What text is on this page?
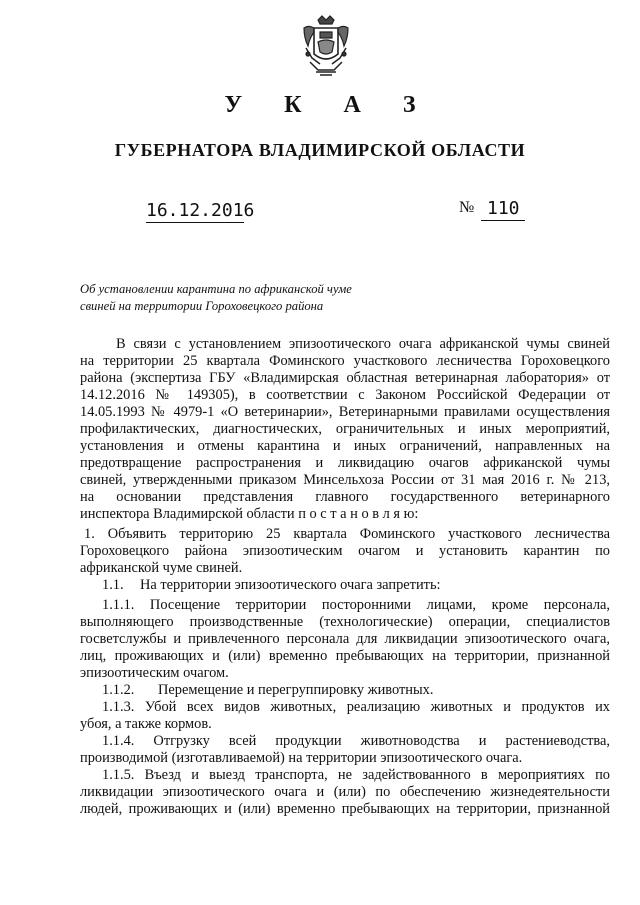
У К А З
ГУБЕРНАТОРА ВЛАДИМИРСКОЙ ОБЛАСТИ
16.12.2016	№ 110
Об установлении карантина по африканской чуме
свиней на территории Гороховецкого района
В связи с установлением эпизоотического очага африканской чумы свиней
на территории 25 квартала Фоминского участкового лесничества Гороховецкого
района (экспертиза ГБУ «Владимирская областная ветеринарная лаборатория» от
14.12.2016 № 149305), в соответствии с Законом Российской Федерации от
14.05.1993 № 4979-1 «О ветеринарии», Ветеринарными правилами осуществления
профилактических, диагностических, ограничительных и иных мероприятий,
установления и отмены карантина и иных ограничений, направленных на
предотвращение распространения и ликвидацию очагов африканской чумы
свиней, утвержденными приказом Минсельхоза России от 31 мая 2016 г. № 213,
на основании представления главного государственного ветеринарного
инспектора Владимирской области п о с т а н о в л я ю:
1. Объявить территорию 25 квартала Фоминского участкового лесничества
Гороховецкого района эпизоотическим очагом и установить карантин по
африканской чуме свиней.
1.1. На территории эпизоотического очага запретить:
1.1.1. Посещение территории посторонними лицами, кроме персонала,
выполняющего производственные (технологические) операции, специалистов
госветслужбы и привлеченного персонала для ликвидации эпизоотического очага,
лиц, проживающих и (или) временно пребывающих на территории, признанной
эпизоотическим очагом.
1.1.2. Перемещение и перегруппировку животных.
1.1.3. Убой всех видов животных, реализацию животных и продуктов их
убоя, а также кормов.
1.1.4. Отгрузку всей продукции животноводства и растениеводства,
производимой (изготавливаемой) на территории эпизоотического очага.
1.1.5. Въезд и выезд транспорта, не задействованного в мероприятиях по
ликвидации эпизоотического очага и (или) по обеспечению жизнедеятельности
людей, проживающих и (или) временно пребывающих на территории, признанной
